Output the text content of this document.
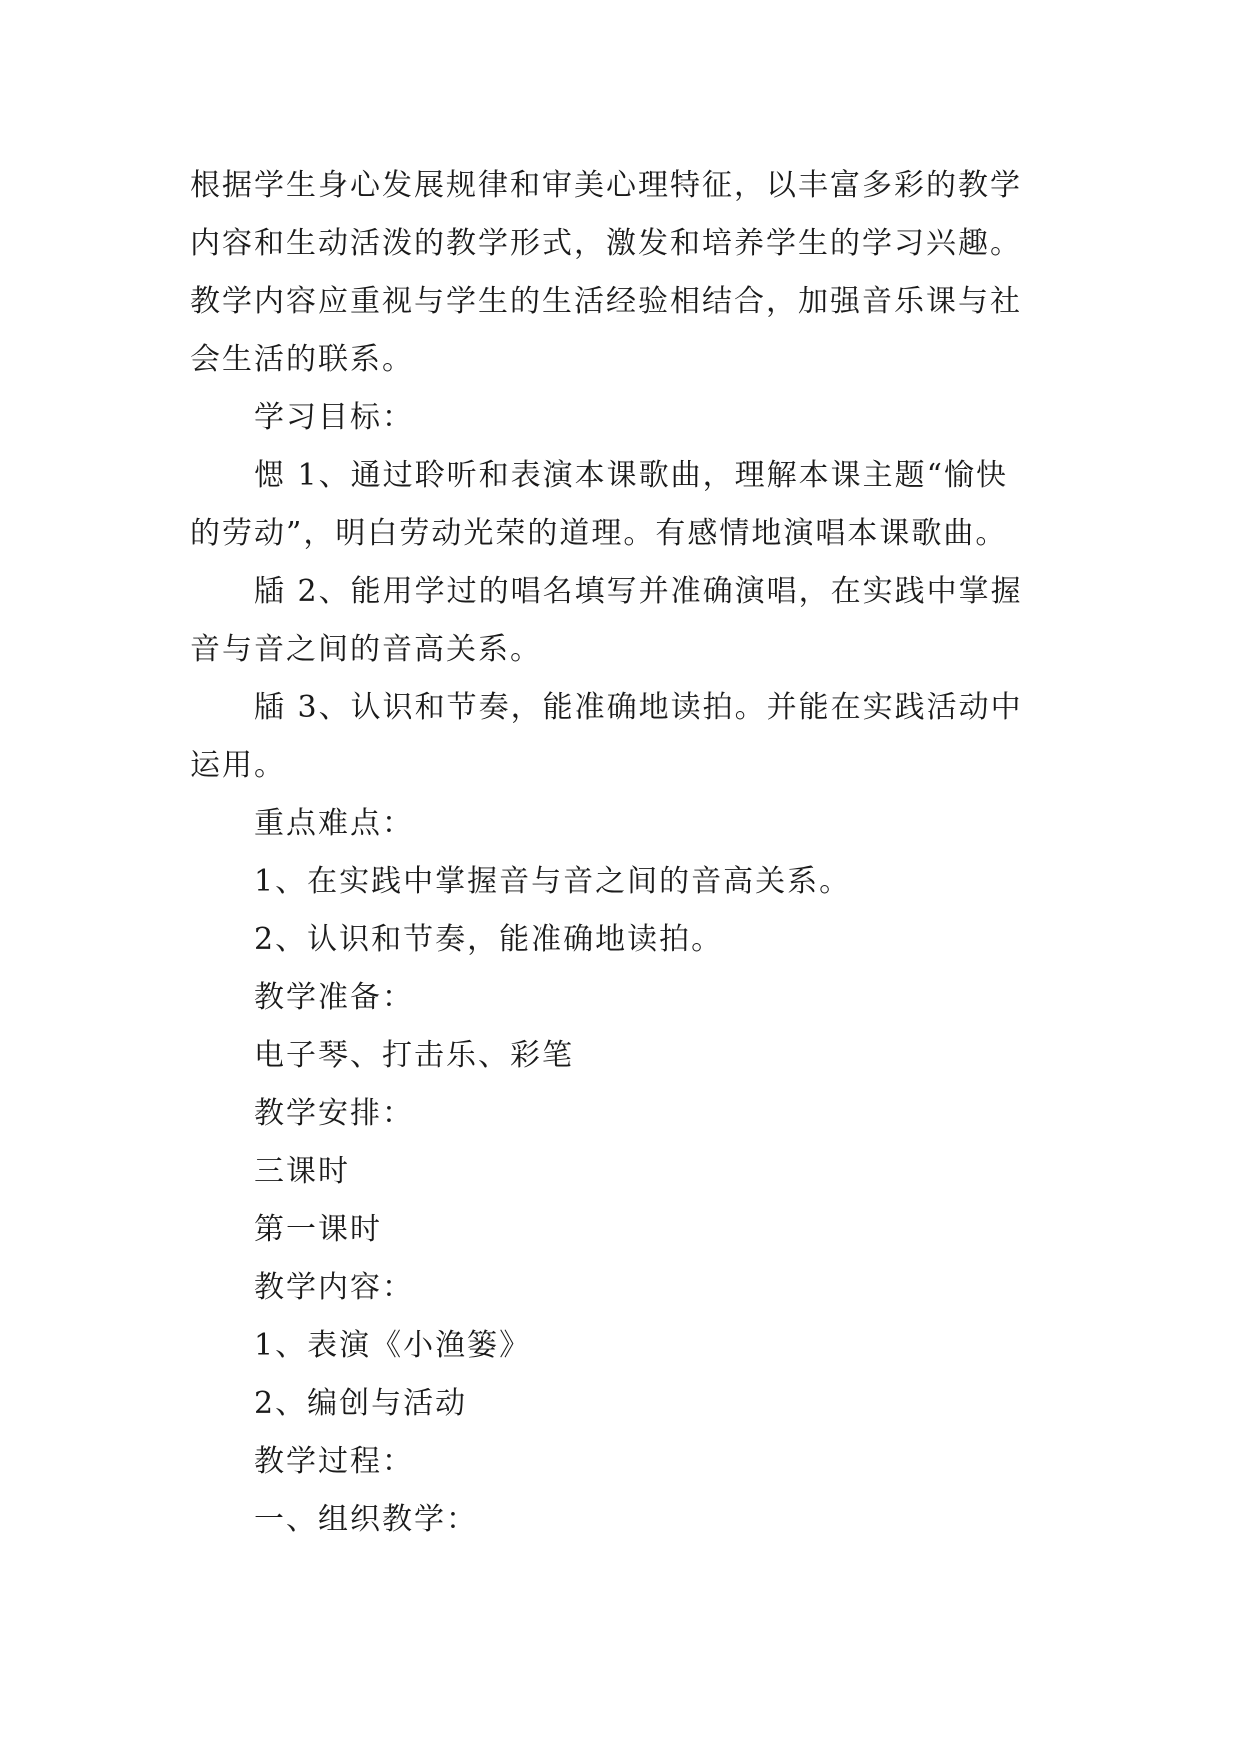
根据学生身心发展规律和审美心理特征，以丰富多彩的教学
内容和生动活泼的教学形式，激发和培养学生的学习兴趣。
教学内容应重视与学生的生活经验相结合，加强音乐课与社
会生活的联系。
学习目标：
愢 1、通过聆听和表演本课歌曲，理解本课主题“愉快
的劳动”，明白劳动光荣的道理。有感情地演唱本课歌曲。
牐 2、能用学过的唱名填写并准确演唱，在实践中掌握
音与音之间的音高关系。
牐 3、认识和节奏，能准确地读拍。并能在实践活动中
运用。
重点难点：
1、在实践中掌握音与音之间的音高关系。
2、认识和节奏，能准确地读拍。
教学准备：
电子琴、打击乐、彩笔
教学安排：
三课时
第一课时
教学内容：
1、表演《小渔篓》
2、编创与活动
教学过程：
一、组织教学：
